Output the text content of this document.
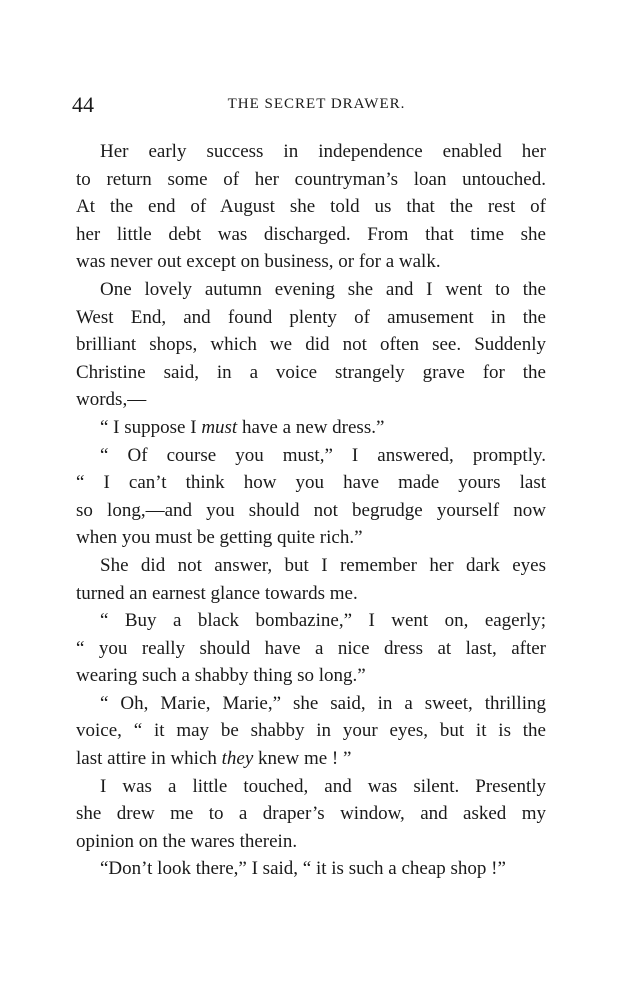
44	THE SECRET DRAWER.
Her early success in independence enabled her
to return some of her countryman’s loan untouched.
At the end of August she told us that the rest of
her little debt was discharged. From that time she
was never out except on business, or for a walk.
One lovely autumn evening she and I went to the
West End, and found plenty of amusement in the
brilliant shops, which we did not often see. Suddenly
Christine said, in a voice strangely grave for the
words,—
“ I suppose I must have a new dress.”
“ Of course you must,” I answered, promptly.
“ I can’t think how you have made yours last
so long,—and you should not begrudge yourself now
when you must be getting quite rich.”
She did not answer, but I remember her dark eyes
turned an earnest glance towards me.
“ Buy a black bombazine,” I went on, eagerly;
“ you really should have a nice dress at last, after
wearing such a shabby thing so long.”
“ Oh, Marie, Marie,” she said, in a sweet, thrilling
voice, “ it may be shabby in your eyes, but it is the
last attire in which they knew me ! ”
I was a little touched, and was silent. Presently
she drew me to a draper’s window, and asked my
opinion on the wares therein.
“Don’t look there,” I said, “ it is such a cheap shop !”
